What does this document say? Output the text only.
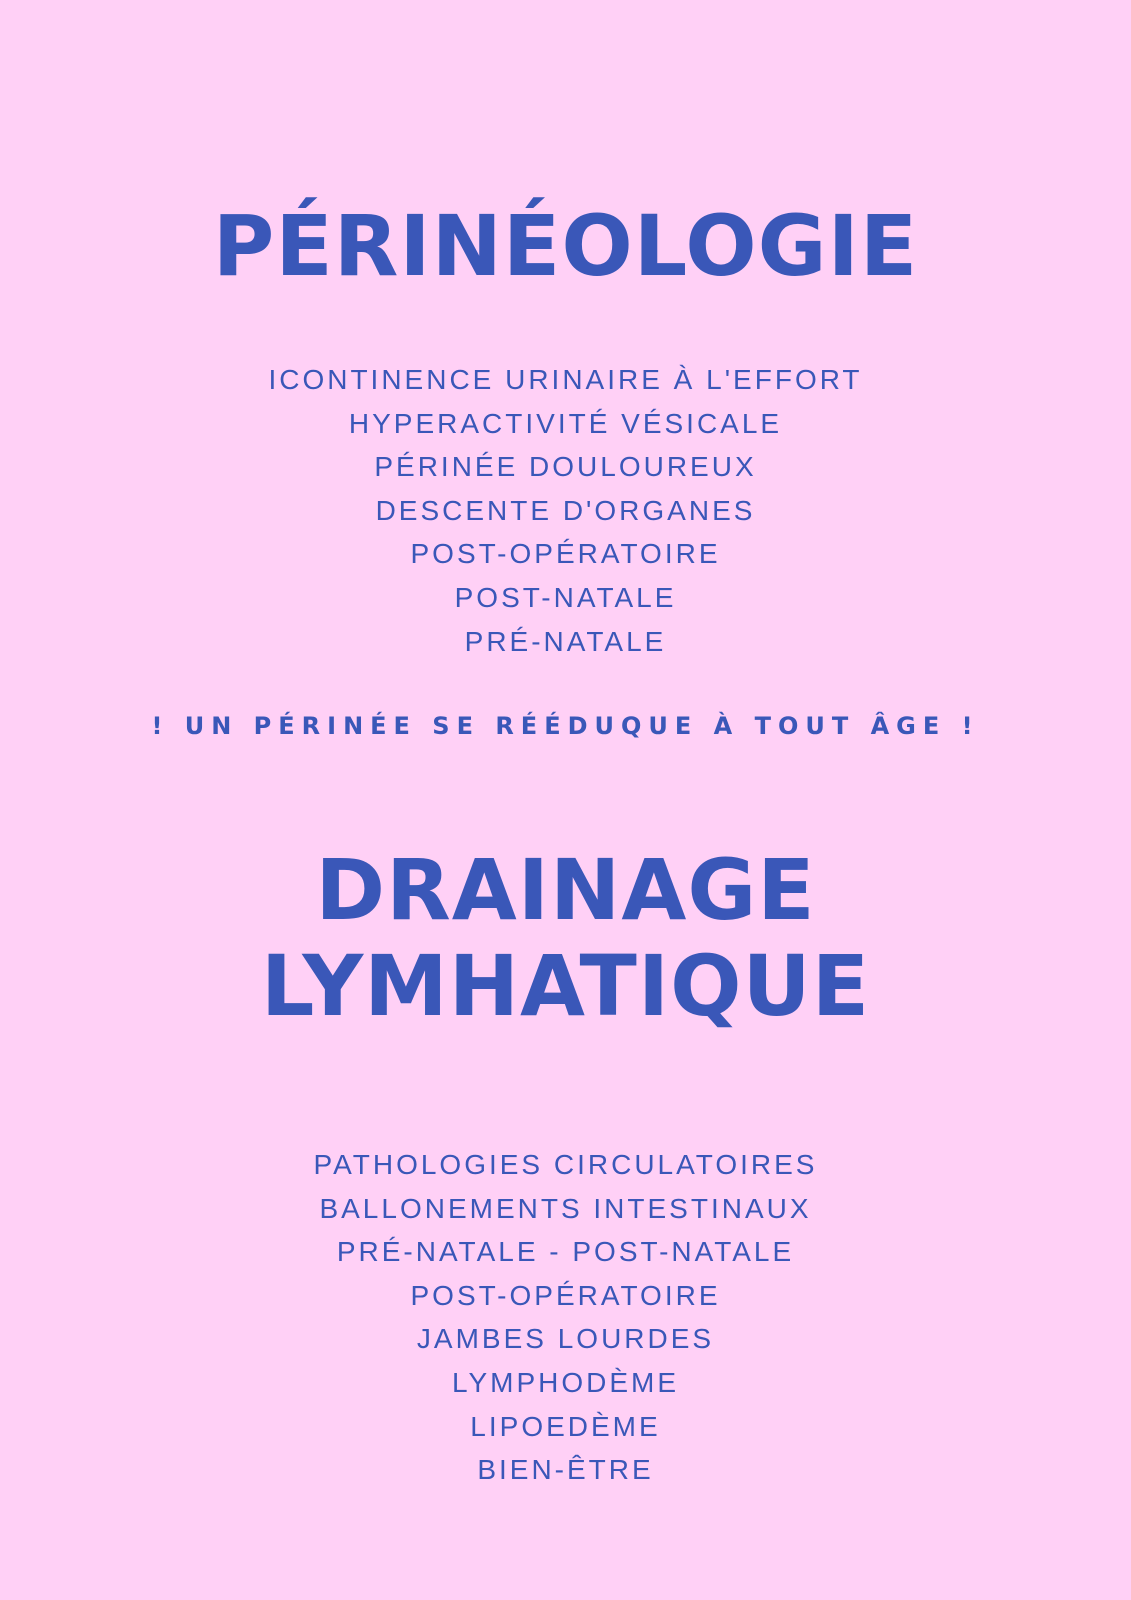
PÉRINÉOLOGIE
ICONTINENCE URINAIRE À L'EFFORT
HYPERACTIVITÉ VÉSICALE
PÉRINÉE DOULOUREUX
DESCENTE D'ORGANES
POST-OPÉRATOIRE
POST-NATALE
PRÉ-NATALE
! UN PÉRINÉE SE RÉÉDUQUE À TOUT ÂGE !
DRAINAGE
LYMHATIQUE
PATHOLOGIES CIRCULATOIRES
BALLONEMENTS INTESTINAUX
PRÉ-NATALE - POST-NATALE
POST-OPÉRATOIRE
JAMBES LOURDES
LYMPHODÈME
LIPOEDÈME
BIEN-ÊTRE
